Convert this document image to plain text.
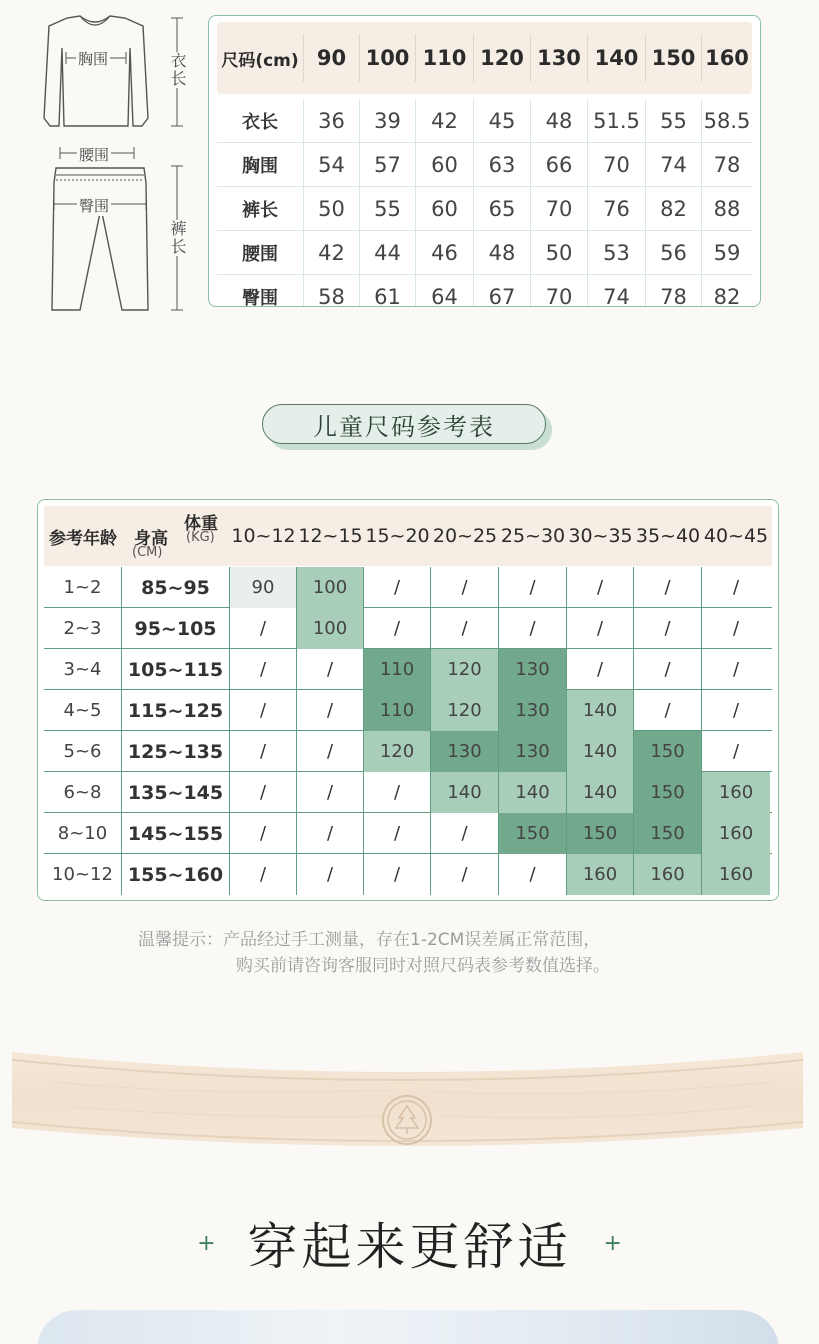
胸围
腰围
臀围
衣长
裤长
尺码(cm) 90 100 110 120 130 140 150 160
衣长	36	39	42	45	48 51.5 55 58.5
胸围	54	57	60	63	66	70	74	78
裤长	50	55	60	65	70	76	82	88
腰围	42	44	46	48	50	53	56	59
臀围	58	61	64	67	70	74	78	82
儿童尺码参考表
参考年龄 身高
(CM)
体重
(KG) 10~12 12~15 15~20 20~25 25~30 30~35 35~40 40~45
1~2	85~95	90	100	/	/	/	/	/	/
2~3	95~105	/	100	/	/	/	/	/	/
3~4	105~115	/	/	110	120	130	/	/	/
4~5	115~125	/	/	110	120	130	140	/	/
5~6	125~135	/	/	120	130	130	140	150	/
6~8	135~145	/	/	/	140	140	140	150	160
8~10	145~155	/	/	/	/	150	150	150	160
10~12 155~160	/	/	/	/	/	160	160	160
温馨提示：产品经过手工测量，存在1-2CM误差属正常范围，
购买前请咨询客服同时对照尺码表参考数值选择。
+ 穿起来更舒适 +
